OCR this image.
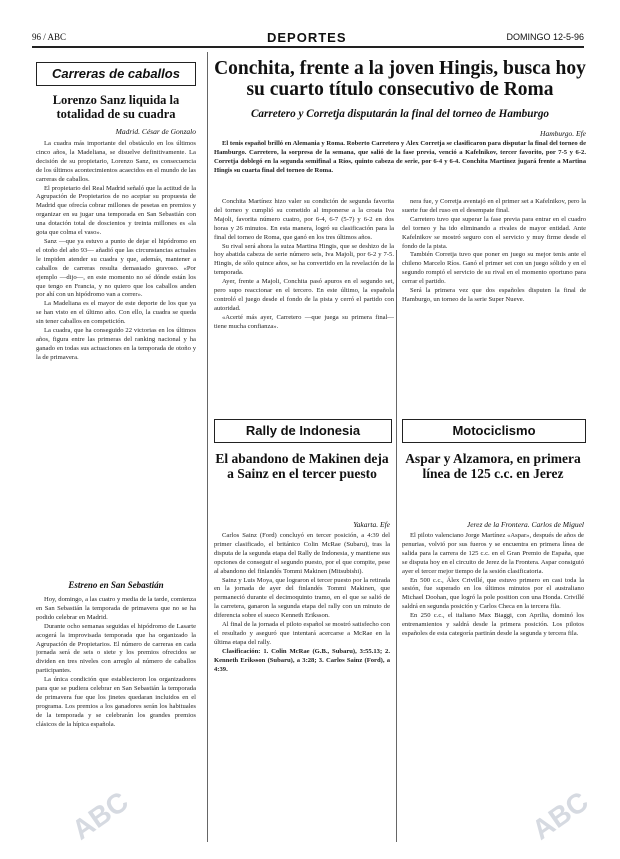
96 / ABC	DEPORTES	DOMINGO 12-5-96
Carreras de caballos
Lorenzo Sanz liquida la totalidad de su cuadra
Madrid. César de Gonzalo

La cuadra más importante del obstáculo en los últimos cinco años, la Madeliana, se disuelve definitivamente. La decisión de su propietario, Lorenzo Sanz, es consecuencia de los últimos acontecimientos acaecidos en el mundo de las carreras de caballos.

El propietario del Real Madrid señaló que la actitud de la Agrupación de Propietarios de no aceptar su propuesta de Madrid que ofrecía cobrar millones de pesetas en premios y organizar en su jugar una temporada en San Sebastián con una dotación total de doscientos y treinta millones es «la gota que colma el vaso».

Sanz —que ya estuvo a punto de dejar el hipódromo en el otoño del año 93— añadió que las circunstancias actuales le impiden atender su cuadra y que, además, mantener a caballos de carreras resulta demasiado gravoso. «Por ejemplo —dijo—, en este momento no sé dónde están los que tengo en Francia, y no quiero que los caballos anden por ahí con un hipódromo van a correr».

La Madeliana es el mayor de este deporte de los que ya se han visto en el último año. Con ello, la cuadra se queda sin tener caballos en competición.

La cuadra, que ha conseguido 22 victorias en los últimos años, figura entre las primeras del ranking nacional y ha ganado en todas sus actuaciones en la temporada de otoño y la de primavera.

Estreno en San Sebastián

Hoy, domingo, a las cuatro y media de la tarde, comienza en San Sebastián la temporada de primavera que no se ha podido celebrar en Madrid.

Durante ocho semanas seguidas el hipódromo de Lasarte acogerá la improvisada temporada que ha organizado la Agrupación de Propietarios. El número de carreras en cada jornada será de seis o siete y los premios ofrecidos se dividen en tres niveles con arreglo al número de caballos participantes.

La única condición que establecieron los organizadores para que se pudiera celebrar en San Sebastián la temporada de primavera fue que los jinetes quedaran incluidos en el programa. Los premios a los ganadores serán los habituales de la temporada y se celebrarán los grandes premios clásicos de la hípica española.

Conchita, frente a la joven Hingis, busca hoy su cuarto título consecutivo de Roma
Carretero y Corretja disputarán la final del torneo de Hamburgo
Hamburgo. Efe

El tenis español brilló en Alemania y Roma. Roberto Carretero y Álex Corretja se clasificaron para disputar la final del torneo de Hamburgo. Carretero, la sorpresa de la semana, que salió de la fase previa, venció a Kafelnikov, tercer favorito, por 7-5 y 6-2. Corretja doblegó en la segunda semifinal a Ríos, quinto cabeza de serie, por 6-4 y 6-4. Conchita Martínez jugará frente a Martina Hingis su cuarta final del torneo de Roma.

Conchita Martínez hizo valer su condición de segunda favorita del torneo y cumplió su cometido al imponerse a la croata Iva Majoli, favorita número cuatro, por 6-4, 6-7 (5-7) y 6-2 en dos horas y 26 minutos. En esta manera, logró su clasificación para la final del torneo de Roma, que ganó en los tres últimos años.

Su rival será ahora la suiza Martina Hingis, que se deshizo de la hoy abatida cabeza de serie número seis, Iva Majoli, por 6-2 y 7-5. Hingis, de sólo quince años, se ha convertido en la revelación de la temporada.

Ayer, frente a Majoli, Conchita pasó apuros en el segundo set, pero supo reaccionar en el tercero. En este último, la española controló el juego desde el fondo de la pista y cerró el partido con autoridad.

«Acerté más ayer, Carretero —que juega su primera final— tiene mucha confianza».

nera fue, y Corretja aventajó en el primer set a Kafelnikov, pero la suerte fue del ruso en el desempate final.

Carretero tuvo que superar la fase previa para entrar en el cuadro del torneo y ha ido eliminando a rivales de mayor entidad. Ante Kafelnikov se mostró seguro con el servicio y muy firme desde el fondo de la pista.

También Corretja tuvo que poner en juego su mejor tenis ante el chileno Marcelo Ríos. Ganó el primer set con un juego sólido y en el segundo rompió el servicio de su rival en el momento oportuno para cerrar el partido.

Será la primera vez que dos españoles disputen la final de Hamburgo, un torneo de la serie Super Nueve.

Rally de Indonesia
El abandono de Makinen deja a Sainz en el tercer puesto
Yakarta. Efe

Carlos Sainz (Ford) concluyó en tercer posición, a 4:39 del primer clasificado, el británico Colin McRae (Subaru), tras la disputa de la segunda etapa del Rally de Indonesia, y mantiene sus opciones de conseguir el segundo puesto, por el que compite, pese al abandono del finlandés Tommi Makinen (Mitsubishi).

Sainz y Luis Moya, que lograron el tercer puesto por la retirada en la jornada de ayer del finlandés Tommi Makinen, que permaneció durante el decimoquinto tramo, en el que se salió de la carretera, ganaron la segunda etapa del rally con un minuto de diferencia sobre el sueco Kenneth Eriksson.

Al final de la jornada el piloto español se mostró satisfecho con el resultado y aseguró que intentará acercarse a McRae en la última etapa del rally.

Clasificación: 1. Colin McRae (G.B., Subaru), 3:55.13; 2. Kenneth Eriksson (Subaru), a 3:28; 3. Carlos Sainz (Ford), a 4:39.

Motociclismo
Aspar y Alzamora, en primera línea de 125 c.c. en Jerez
Jerez de la Frontera. Carlos de Miguel

El piloto valenciano Jorge Martínez «Aspar», después de años de penurias, volvió por sus fueros y se encuentra en primera línea de salida para la carrera de 125 c.c. en el Gran Premio de España, que se disputa hoy en el circuito de Jerez de la Frontera. Aspar consiguió ayer el tercer mejor tiempo de la sesión clasificatoria.

En 500 c.c., Álex Crivillé, que estuvo primero en casi toda la sesión, fue superado en los últimos minutos por el australiano Michael Doohan, que logró la pole position con una Honda. Crivillé saldrá en segunda posición y Carlos Checa en la tercera fila.

En 250 c.c., el italiano Max Biaggi, con Aprilia, dominó los entrenamientos y saldrá desde la primera posición. Los pilotos españoles de esta categoría partirán desde la segunda y tercera fila.

ABC	ABC
